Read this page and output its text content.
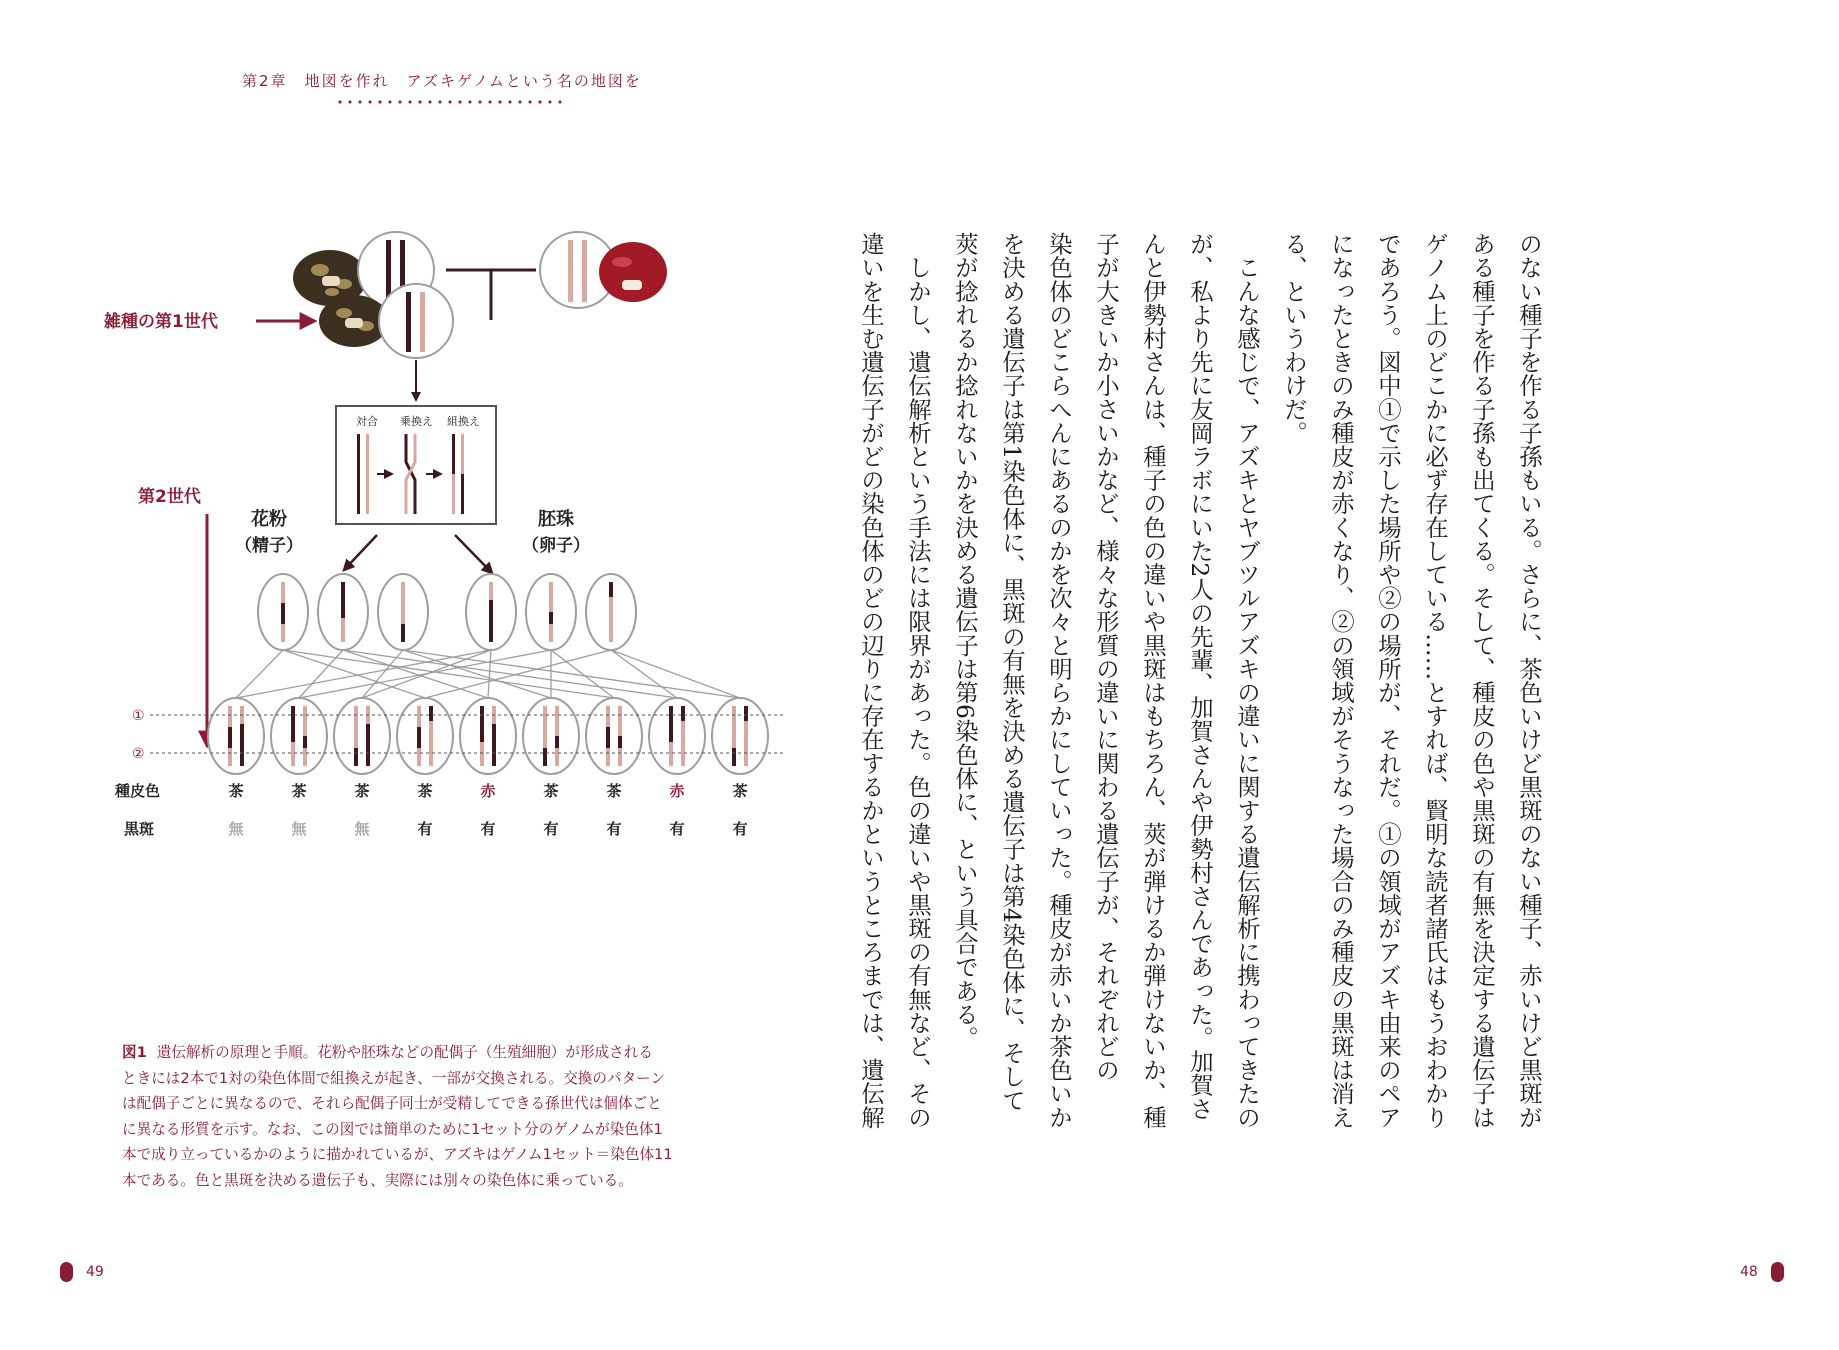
第2章　 地図を作れ　アズキゲノムという名の地図を
雑種の第1世代
対合 乗換え 組換え
第2世代
花粉
（精子）
胚珠
（卵子）
①
②
種皮色
黒斑
茶	茶	茶	茶	赤	茶	茶	赤	茶
無	無	無	有	有	有	有	有	有
図1 遺伝解析の原理と手順。花粉や胚珠などの配偶子（生殖細胞）が形成される
ときには2本で1対の染色体間で組換えが起き、一部が交換される。交換のパターン
は配偶子ごとに異なるので、それら配偶子同士が受精してできる孫世代は個体ごと
に異なる形質を示す。なお、この図では簡単のために1セット分のゲノムが染色体1
本で成り立っているかのように描かれているが、アズキはゲノム1セット＝染色体11
本である。色と黒斑を決める遺伝子も、実際には別々の染色体に乗っている。
49	48
のない種子を作る子孫もいる。さらに、茶色いけど黒斑のない種子、赤いけど黒斑が
ある種子を作る子孫も出てくる。そして、種皮の色や黒斑の有無を決定する遺伝子は
ゲノム上のどこかに必ず存在している……とすれば、賢明な読者諸氏はもうおわかり
であろう。図中①で示した場所や②の場所が、それだ。①の領域がアズキ由来のペア
になったときのみ種皮が赤くなり、②の領域がそうなった場合のみ種皮の黒斑は消え
る、というわけだ。
　こんな感じで、アズキとヤブツルアズキの違いに関する遺伝解析に携わってきたの
が、私より先に友岡ラボにいた2人の先輩、加賀さんや伊勢村さんであった。加賀さ
んと伊勢村さんは、種子の色の違いや黒斑はもちろん、莢が弾けるか弾けないか、種
子が大きいか小さいかなど、様々な形質の違いに関わる遺伝子が、それぞれどの
染色体のどこらへんにあるのかを次々と明らかにしていった。種皮が赤いか茶色いか
を決める遺伝子は第1染色体に、黒斑の有無を決める遺伝子は第4染色体に、そして
莢が捻れるか捻れないかを決める遺伝子は第6染色体に、という具合である。
　しかし、遺伝解析という手法には限界があった。色の違いや黒斑の有無など、その
違いを生む遺伝子がどの染色体のどの辺りに存在するかというところまでは、遺伝解
